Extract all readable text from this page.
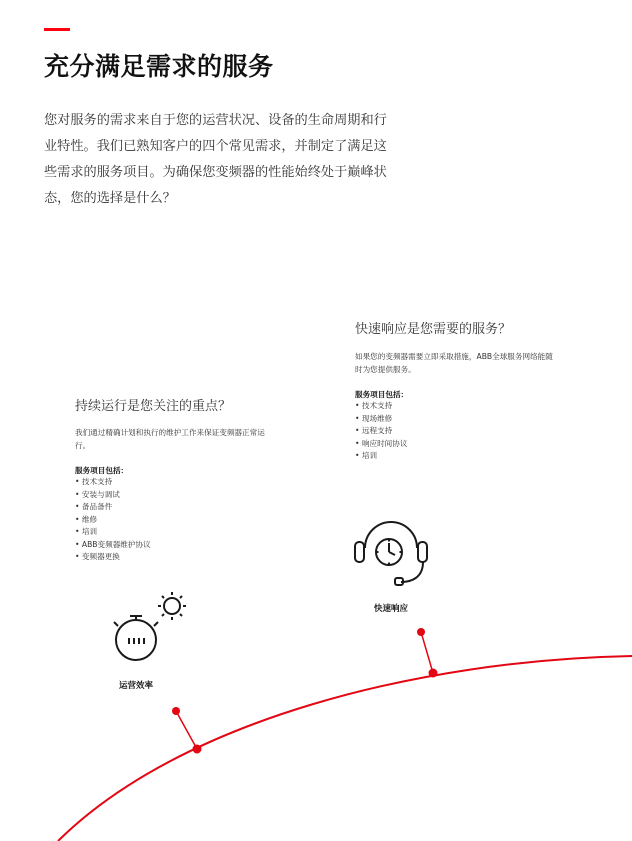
充分满足需求的服务

您对服务的需求来自于您的运营状况、设备的生命周期和行业特性。我们已熟知客户的四个常见需求，并制定了满足这些需求的服务项目。为确保您变频器的性能始终处于巅峰状态，您的选择是什么？

持续运行是您关注的重点？

我们通过精确计划和执行的维护工作来保证变频器正常运行。

服务项目包括：

• 技术支持
• 安装与调试
• 备品备件
• 维修
• 培训
• ABB变频器维护协议
• 变频器更换
快速响应是您需要的服务？

如果您的变频器需要立即采取措施，ABB全球服务网络能随时为您提供服务。

服务项目包括：

• 技术支持
• 现场维修
• 远程支持
• 响应时间协议
• 培训
运营效率
快速响应
